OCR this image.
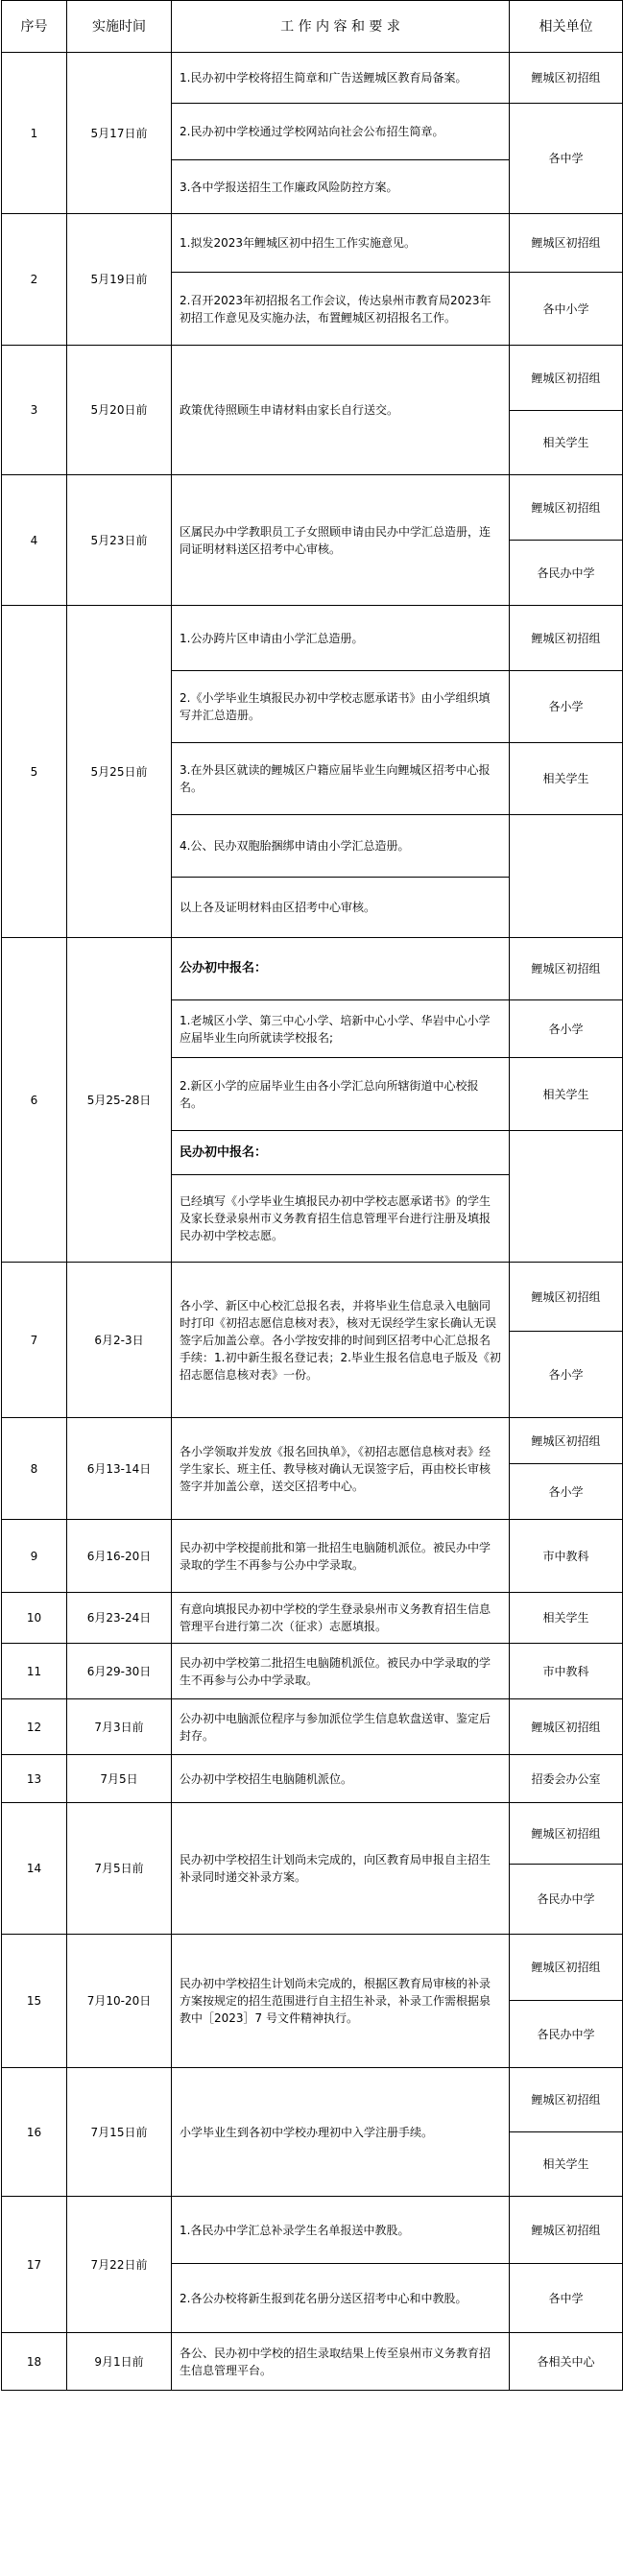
序号	实施时间	工 作 内 容 和 要 求	相关单位
1	5月17日前	1.民办初中学校将招生简章和广告送鲤城区教育局备案。	鲤城区初招组
		2.民办初中学校通过学校网站向社会公布招生简章。	各中学
		3.各中学报送招生工作廉政风险防控方案。	
2	5月19日前	1.拟发2023年鲤城区初中招生工作实施意见。	鲤城区初招组
		2.召开2023年初招报名工作会议，传达泉州市教育局2023年初招工作意见及实施办法，布置鲤城区初招报名工作。	各中小学
3	5月20日前	政策优待照顾生申请材料由家长自行送交。	鲤城区初招组
			相关学生
4	5月23日前	区属民办中学教职员工子女照顾申请由民办中学汇总造册，连同证明材料送区招考中心审核。	鲤城区初招组
			各民办中学
5	5月25日前	1.公办跨片区申请由小学汇总造册。	鲤城区初招组
		2.《小学毕业生填报民办初中学校志愿承诺书》由小学组织填写并汇总造册。	各小学
		3.在外县区就读的鲤城区户籍应届毕业生向鲤城区招考中心报名。	相关学生
		4.公、民办双胞胎捆绑申请由小学汇总造册。	
		以上各及证明材料由区招考中心审核。	
6	5月25-28日	公办初中报名：	鲤城区初招组
		1.老城区小学、第三中心小学、培新中心小学、华岩中心小学应届毕业生向所就读学校报名;	各小学
		2.新区小学的应届毕业生由各小学汇总向所辖街道中心校报名。	相关学生
		民办初中报名：	
		已经填写《小学毕业生填报民办初中学校志愿承诺书》的学生及家长登录泉州市义务教育招生信息管理平台进行注册及填报民办初中学校志愿。	
7	6月2-3日	各小学、新区中心校汇总报名表，并将毕业生信息录入电脑同时打印《初招志愿信息核对表》，核对无误经学生家长确认无误签字后加盖公章。各小学按安排的时间到区招考中心汇总报名手续：1.初中新生报名登记表；2.毕业生报名信息电子版及《初招志愿信息核对表》一份。	鲤城区初招组
			各小学
8	6月13-14日	各小学领取并发放《报名回执单》，《初招志愿信息核对表》经学生家长、班主任、教导核对确认无误签字后，再由校长审核签字并加盖公章，送交区招考中心。	鲤城区初招组
			各小学
9	6月16-20日	民办初中学校提前批和第一批招生电脑随机派位。被民办中学录取的学生不再参与公办中学录取。	市中教科
10	6月23-24日	有意向填报民办初中学校的学生登录泉州市义务教育招生信息管理平台进行第二次（征求）志愿填报。	相关学生
11	6月29-30日	民办初中学校第二批招生电脑随机派位。被民办中学录取的学生不再参与公办中学录取。	市中教科
12	7月3日前	公办初中电脑派位程序与参加派位学生信息软盘送审、鉴定后封存。	鲤城区初招组
13	7月5日	公办初中学校招生电脑随机派位。	招委会办公室
14	7月5日前	民办初中学校招生计划尚未完成的，向区教育局申报自主招生补录同时递交补录方案。	鲤城区初招组
			各民办中学
15	7月10-20日	民办初中学校招生计划尚未完成的，根据区教育局审核的补录方案按规定的招生范围进行自主招生补录，补录工作需根据泉教中［2023］7 号文件精神执行。	鲤城区初招组
			各民办中学
16	7月15日前	小学毕业生到各初中学校办理初中入学注册手续。	鲤城区初招组
			相关学生
17	7月22日前	1.各民办中学汇总补录学生名单报送中教股。	鲤城区初招组
		2.各公办校将新生报到花名册分送区招考中心和中教股。	各中学
18	9月1日前	各公、民办初中学校的招生录取结果上传至泉州市义务教育招生信息管理平台。	各相关中心
